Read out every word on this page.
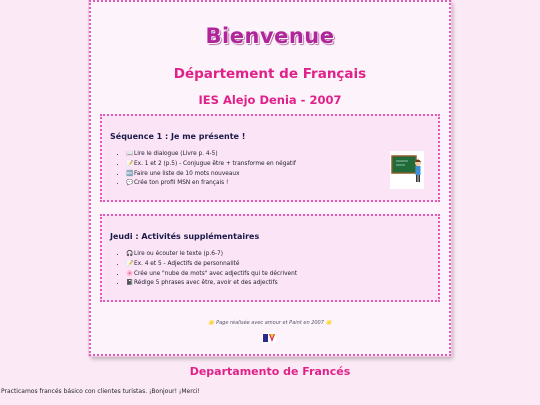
Bienvenue
Département de Français
IES Alejo Denia - 2007
Séquence 1 : Je me présente !
• 📖Lire le dialogue (Livre p. 4-5)
• 📝Ex. 1 et 2 (p.5) - Conjugue être + transforme en négatif
• 🔤Faire une liste de 10 mots nouveaux
• 💬Crée ton profil MSN en français !
Jeudi : Activités supplémentaires
• 🎧Lire ou écouter le texte (p.6-7)
• 📝Ex. 4 et 5 - Adjectifs de personnalité
• 🌸Crée une "nube de mots" avec adjectifs qui te décrivent
• 📓Rédige 5 phrases avec être, avoir et des adjectifs
🌟 Page réalisée avec amour et Paint en 2007 🌟
Departamento de Francés
Practicamos francés básico con clientes turistas. ¡Bonjour! ¡Merci!
